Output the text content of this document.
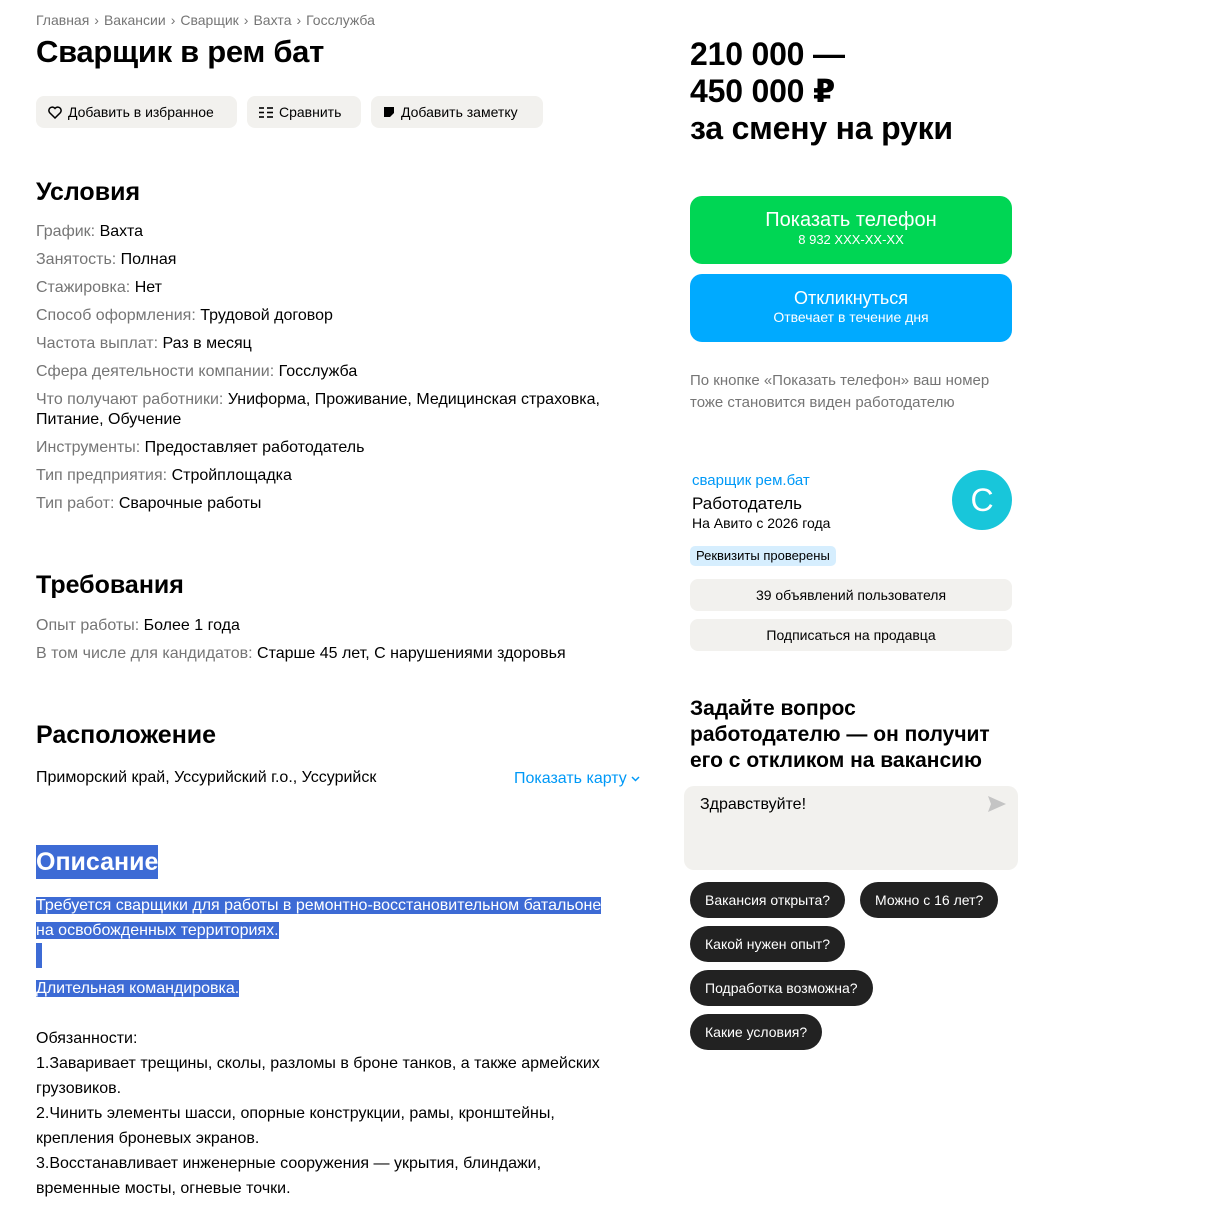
Главная › Вакансии › Сварщик › Вахта › Госслужба
Сварщик в рем бат
Добавить в избранное	Сравнить	Добавить заметку
Условия
График: Вахта
Занятость: Полная
Стажировка: Нет
Способ оформления: Трудовой договор
Частота выплат: Раз в месяц
Сфера деятельности компании: Госслужба
Что получают работники: Униформа, Проживание, Медицинская страховка, Питание, Обучение
Инструменты: Предоставляет работодатель
Тип предприятия: Стройплощадка
Тип работ: Сварочные работы
Требования
Опыт работы: Более 1 года
В том числе для кандидатов: Старше 45 лет, С нарушениями здоровья
Расположение
Приморский край, Уссурийский г.о., Уссурийск	Показать карту
Описание
Требуется сварщики для работы в ремонтно-восстановительном батальоне
на освобожденных территориях.
Длительная командировка.
Обязанности:
1.Заваривает трещины, сколы, разломы в броне танков, а также армейских
грузовиков.
2.Чинить элементы шасси, опорные конструкции, рамы, кронштейны,
крепления броневых экранов.
3.Восстанавливает инженерные сооружения — укрытия, блиндажи,
временные мосты, огневые точки.
210 000 —
450 000 ₽
за смену на руки
Показать телефон
8 932 XXX-XX-XX
Откликнуться
Отвечает в течение дня
По кнопке «Показать телефон» ваш номер тоже становится виден работодателю
сварщик рем.бат
Работодатель
На Авито с 2026 года
С
Реквизиты проверены
39 объявлений пользователя
Подписаться на продавца
Задайте вопрос работодателю — он получит его с откликом на вакансию
Здравствуйте!
Вакансия открыта?	Можно с 16 лет?
Какой нужен опыт?
Подработка возможна?
Какие условия?
